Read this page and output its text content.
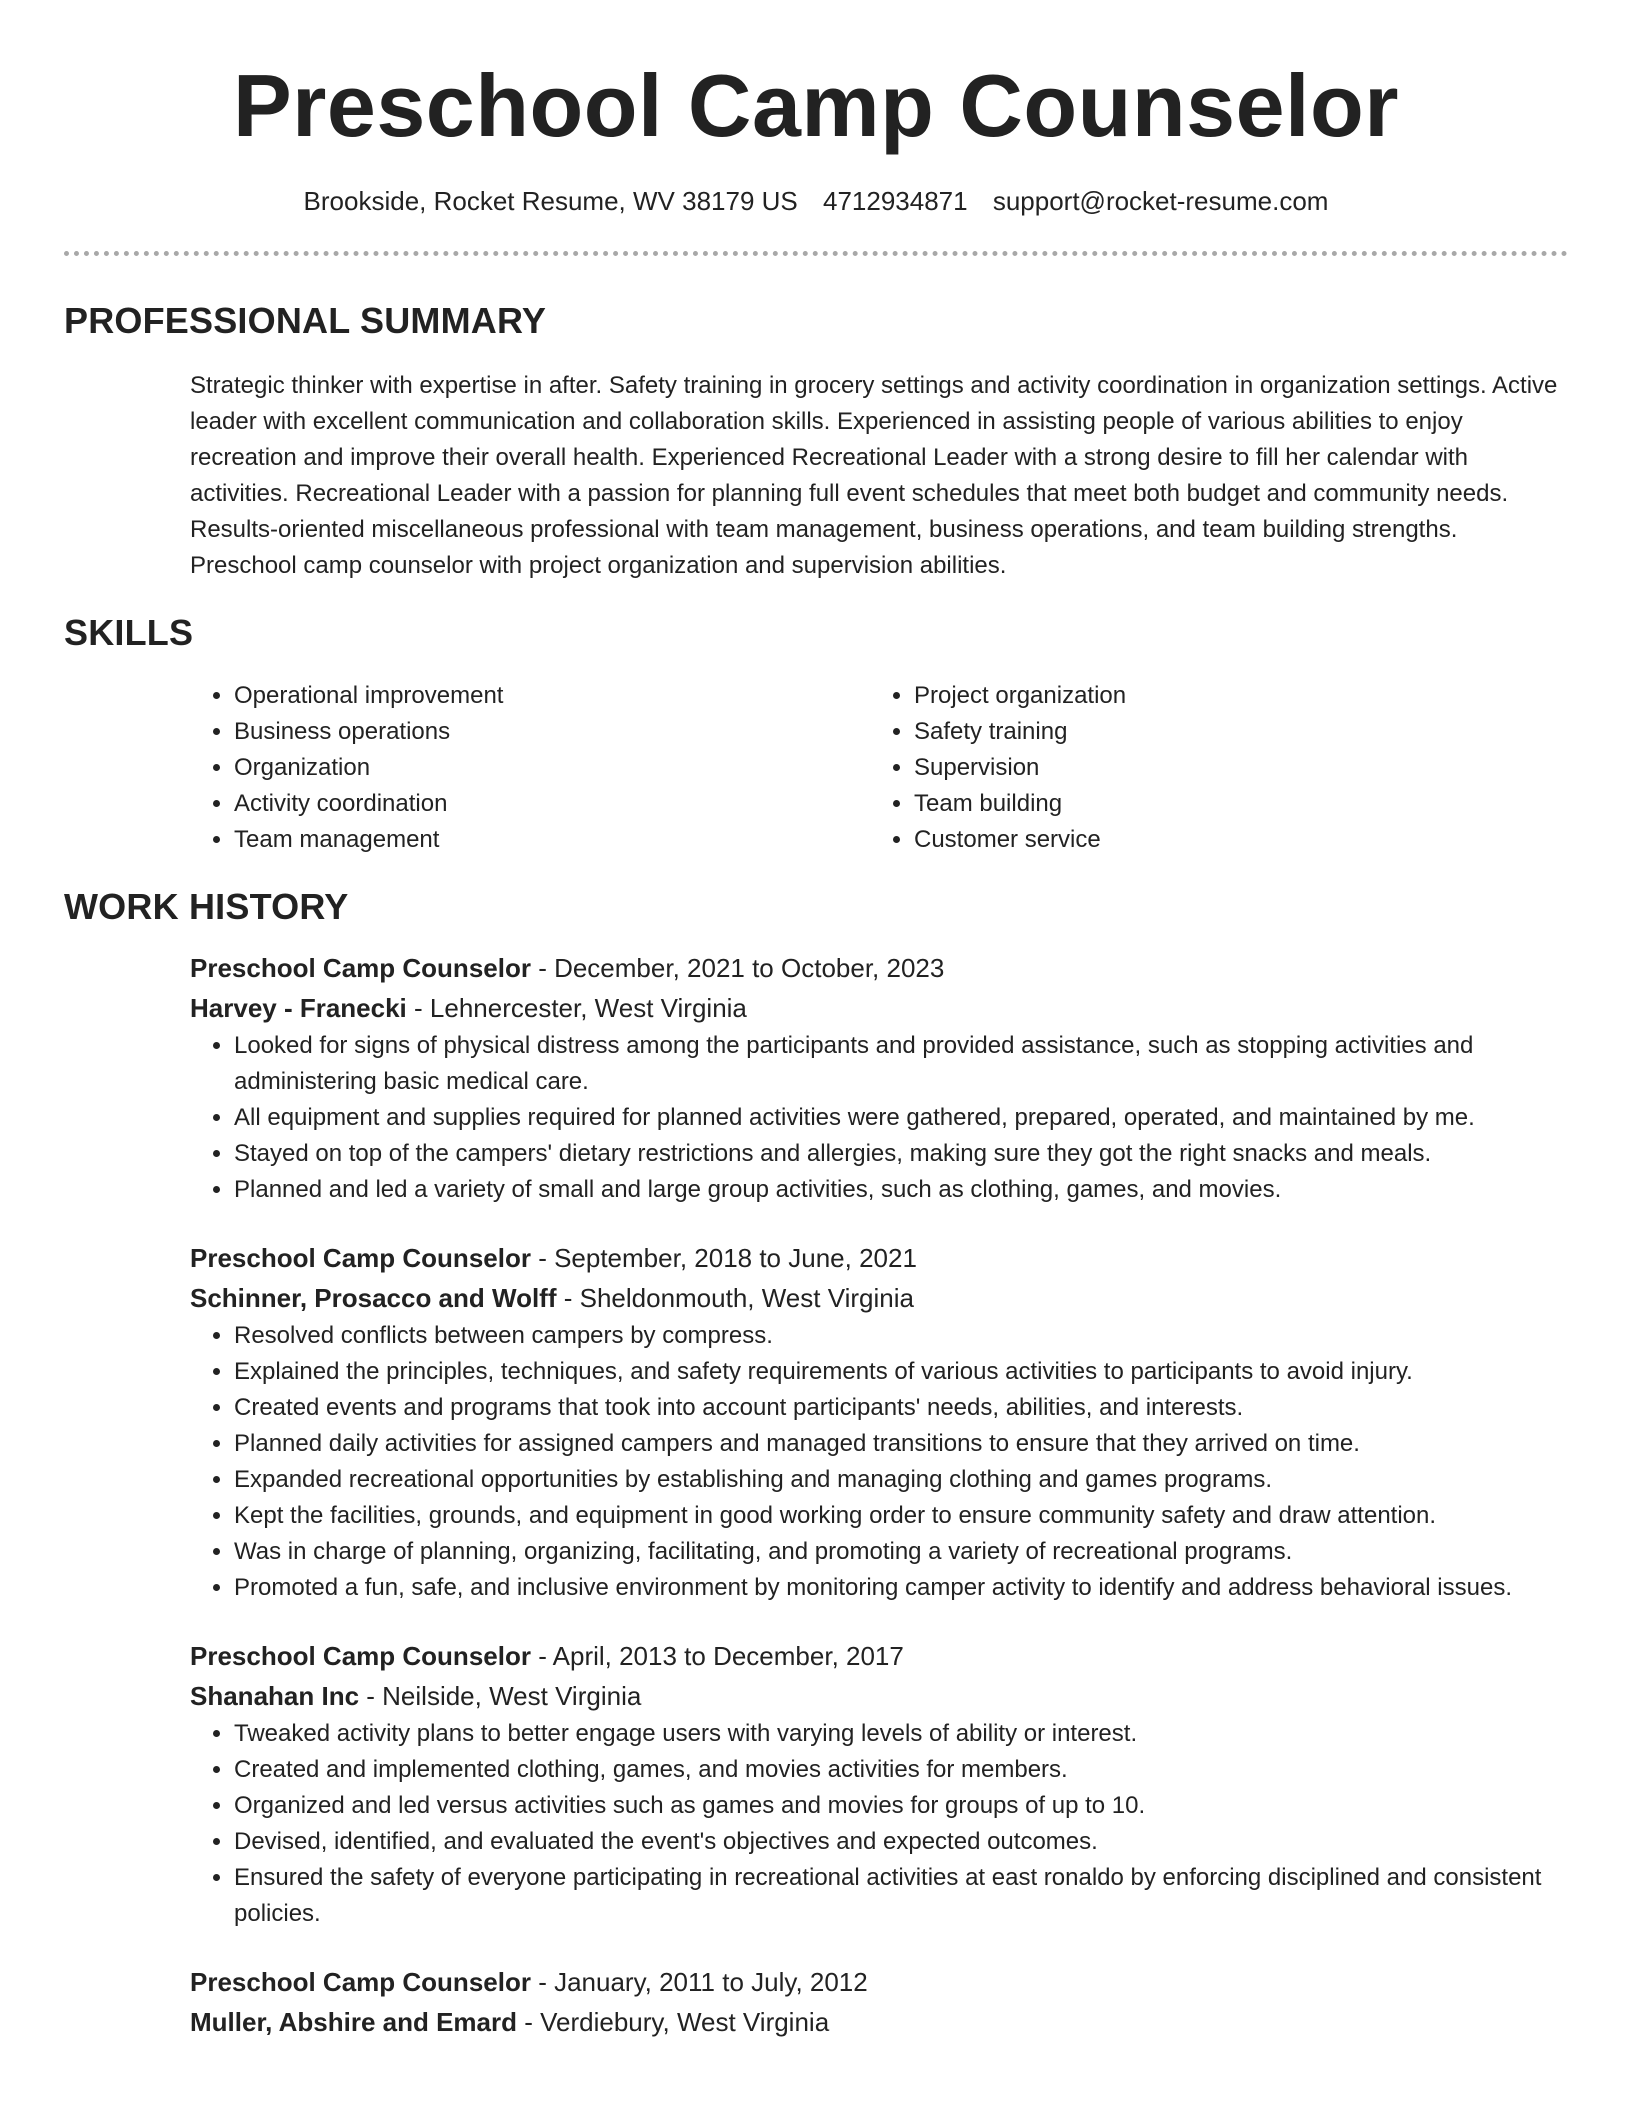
Preschool Camp Counselor
Brookside, Rocket Resume, WV 38179 US 4712934871 support@rocket-resume.com
PROFESSIONAL SUMMARY

Strategic thinker with expertise in after. Safety training in grocery settings and activity coordination in organization settings. Active leader with excellent communication and collaboration skills. Experienced in assisting people of various abilities to enjoy recreation and improve their overall health. Experienced Recreational Leader with a strong desire to fill her calendar with activities. Recreational Leader with a passion for planning full event schedules that meet both budget and community needs. Results-oriented miscellaneous professional with team management, business operations, and team building strengths. Preschool camp counselor with project organization and supervision abilities.

SKILLS
• Operational improvement
• Business operations
• Organization
• Activity coordination
• Team management
• Project organization
• Safety training
• Supervision
• Team building
• Customer service
WORK HISTORY
Preschool Camp Counselor - December, 2021 to October, 2023
Harvey - Franecki - Lehnercester, West Virginia
• Looked for signs of physical distress among the participants and provided assistance, such as stopping activities and administering basic medical care.
• All equipment and supplies required for planned activities were gathered, prepared, operated, and maintained by me.
• Stayed on top of the campers' dietary restrictions and allergies, making sure they got the right snacks and meals.
• Planned and led a variety of small and large group activities, such as clothing, games, and movies.
Preschool Camp Counselor - September, 2018 to June, 2021
Schinner, Prosacco and Wolff - Sheldonmouth, West Virginia
• Resolved conflicts between campers by compress.
• Explained the principles, techniques, and safety requirements of various activities to participants to avoid injury.
• Created events and programs that took into account participants' needs, abilities, and interests.
• Planned daily activities for assigned campers and managed transitions to ensure that they arrived on time.
• Expanded recreational opportunities by establishing and managing clothing and games programs.
• Kept the facilities, grounds, and equipment in good working order to ensure community safety and draw attention.
• Was in charge of planning, organizing, facilitating, and promoting a variety of recreational programs.
• Promoted a fun, safe, and inclusive environment by monitoring camper activity to identify and address behavioral issues.
Preschool Camp Counselor - April, 2013 to December, 2017
Shanahan Inc - Neilside, West Virginia
• Tweaked activity plans to better engage users with varying levels of ability or interest.
• Created and implemented clothing, games, and movies activities for members.
• Organized and led versus activities such as games and movies for groups of up to 10.
• Devised, identified, and evaluated the event's objectives and expected outcomes.
• Ensured the safety of everyone participating in recreational activities at east ronaldo by enforcing disciplined and consistent policies.
Preschool Camp Counselor - January, 2011 to July, 2012
Muller, Abshire and Emard - Verdiebury, West Virginia
